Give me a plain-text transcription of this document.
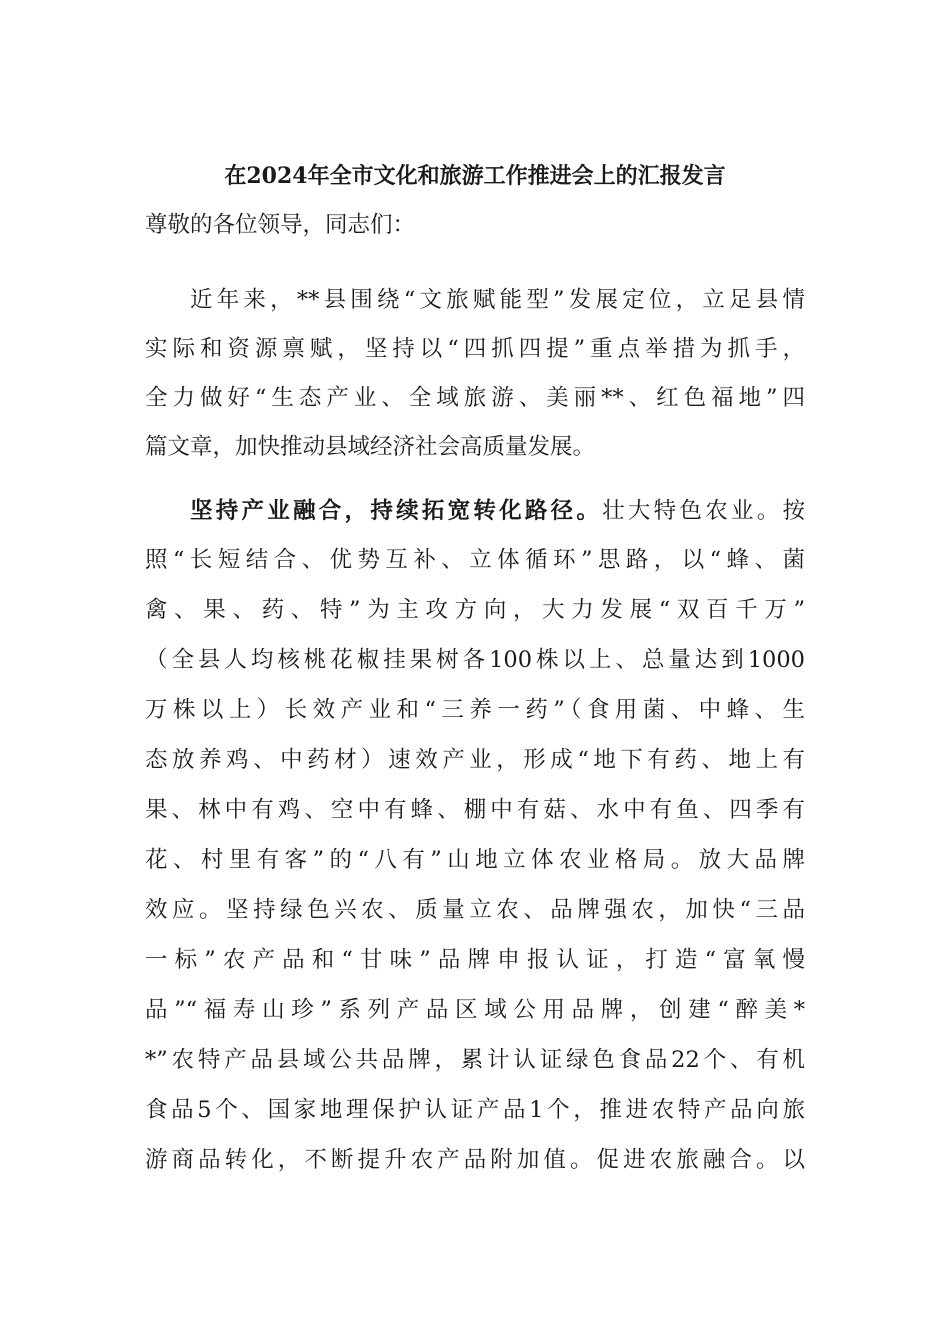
在2024年全市文化和旅游工作推进会上的汇报发言
尊敬的各位领导，同志们：
近年来，**县围绕“文旅赋能型”发展定位，立足县情
实际和资源禀赋，坚持以“四抓四提”重点举措为抓手，
全力做好“生态产业、全域旅游、美丽**、红色福地”四
篇文章，加快推动县域经济社会高质量发展。
坚持产业融合，持续拓宽转化路径。壮大特色农业。按
照“长短结合、优势互补、立体循环”思路，以“蜂、菌
禽、果、药、特”为主攻方向，大力发展“双百千万”
（全县人均核桃花椒挂果树各100株以上、总量达到1000
万株以上）长效产业和“三养一药”（食用菌、中蜂、生
态放养鸡、中药材）速效产业，形成“地下有药、地上有
果、林中有鸡、空中有蜂、棚中有菇、水中有鱼、四季有
花、村里有客”的“八有”山地立体农业格局。放大品牌
效应。坚持绿色兴农、质量立农、品牌强农，加快“三品
一标”农产品和“甘味”品牌申报认证，打造“富氧慢
品”“福寿山珍”系列产品区域公用品牌，创建“醉美*
*”农特产品县域公共品牌，累计认证绿色食品22个、有机
食品5个、国家地理保护认证产品1个，推进农特产品向旅
游商品转化，不断提升农产品附加值。促进农旅融合。以
